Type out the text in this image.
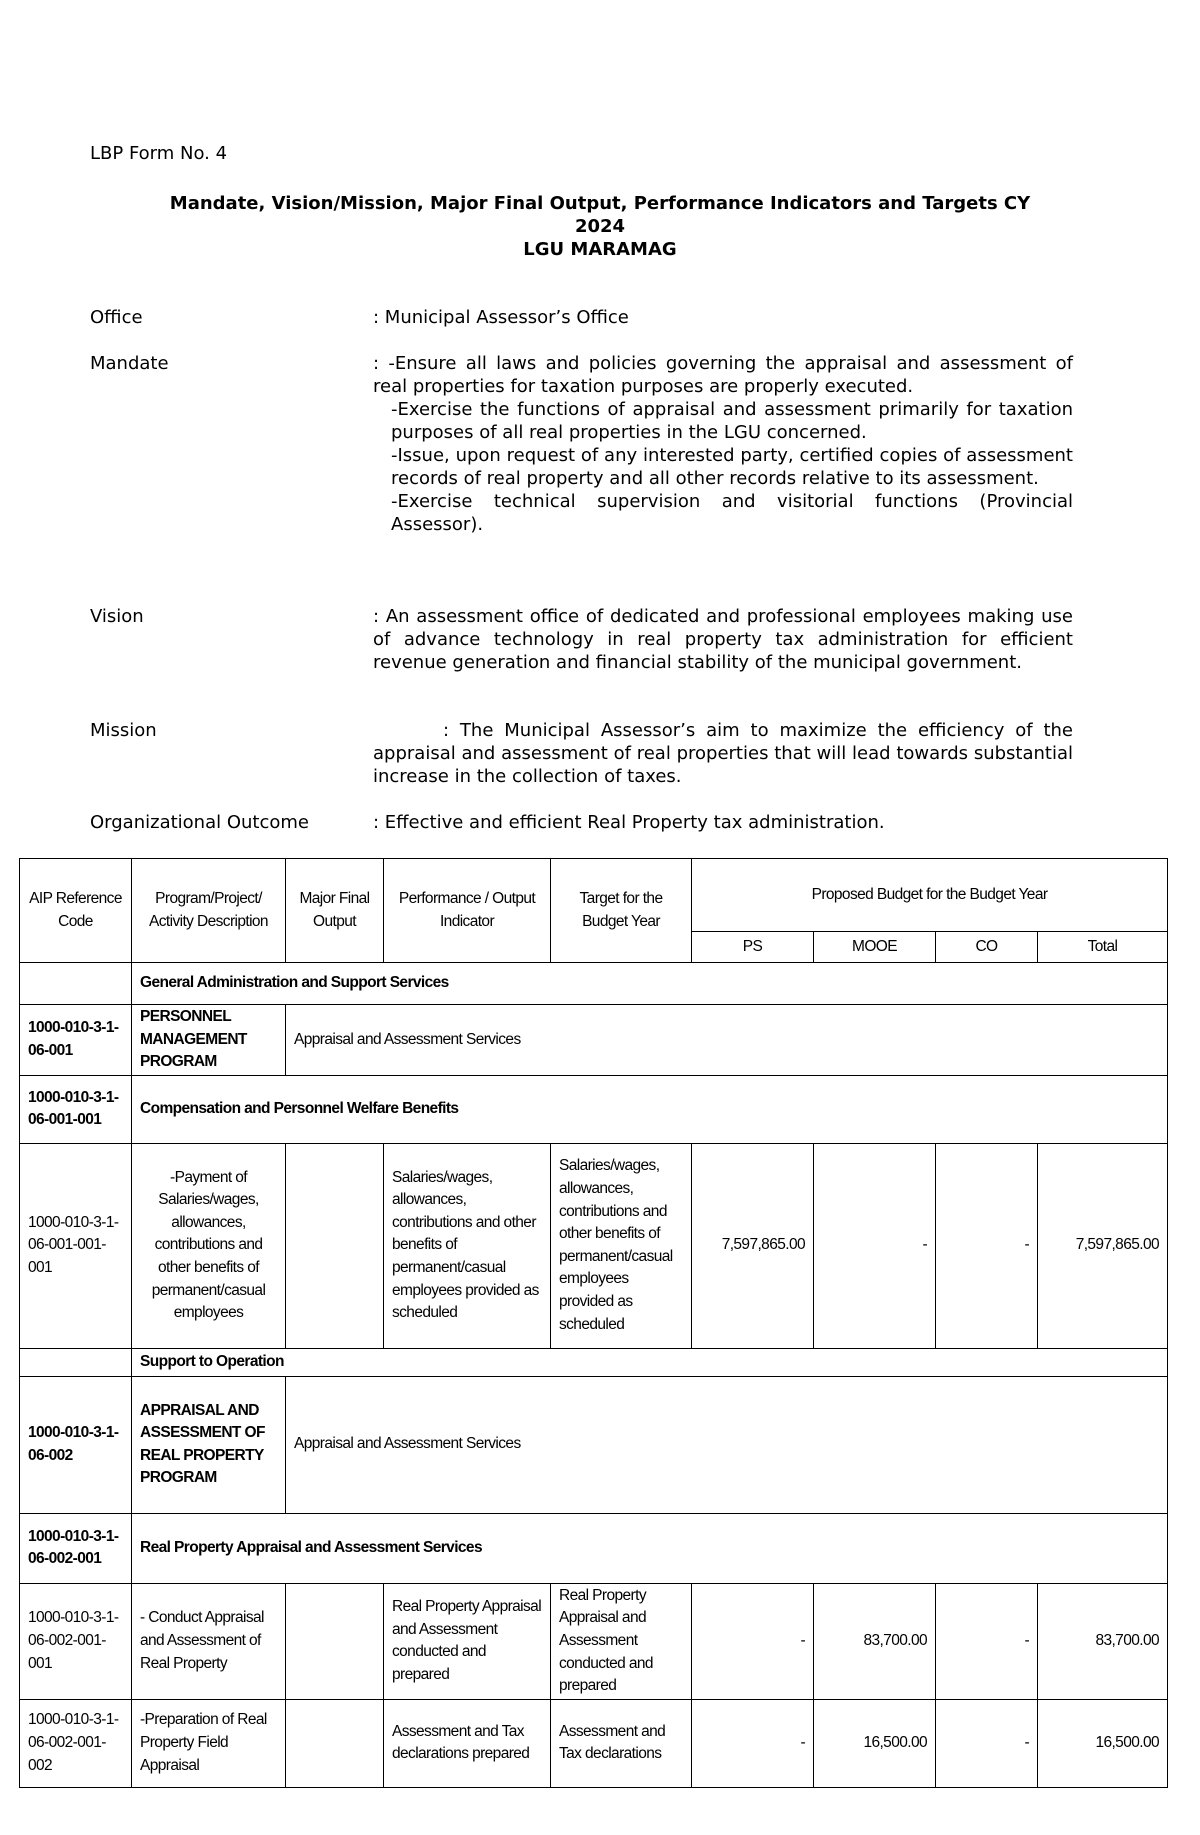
LBP Form No. 4
Mandate, Vision/Mission, Major Final Output, Performance Indicators and Targets CY
2024
LGU MARAMAG
Office	: Municipal Assessor’s Office
Mandate	: -Ensure all laws and policies governing the appraisal and assessment of real properties for taxation purposes are properly executed.

-Exercise the functions of appraisal and assessment primarily for taxation purposes of all real properties in the LGU concerned.

-Issue, upon request of any interested party, certified copies of assessment records of real property and all other records relative to its assessment.

-Exercise technical supervision and visitorial functions (Provincial Assessor).

Vision	: An assessment office of dedicated and professional employees making use of advance technology in real property tax administration for efficient revenue generation and financial stability of the municipal government.
Mission	: The Municipal Assessor’s aim to maximize the efficiency of the appraisal and assessment of real properties that will lead towards substantial increase in the collection of taxes.
Organizational Outcome	: Effective and efficient Real Property tax administration.
AIP Reference Code	Program/Project/ Activity Description	Major Final Output	Performance / Output Indicator	Target for the Budget Year	Proposed Budget for the Budget Year			
					PS	MOOE	CO	Total
	General Administration and Support Services							
1000-010-3-1-06-001	PERSONNEL MANAGEMENT PROGRAM	Appraisal and Assessment Services						
1000-010-3-1-06-001-001	Compensation and Personnel Welfare Benefits							
1000-010-3-1-06-001-001-001	-Payment of Salaries/wages, allowances, contributions and other benefits of permanent/casual employees		Salaries/wages, allowances, contributions and other benefits of permanent/casual employees provided as scheduled	Salaries/wages, allowances, contributions and other benefits of permanent/casual employees provided as scheduled	7,597,865.00	-	-	7,597,865.00
	Support to Operation							
1000-010-3-1-06-002	APPRAISAL AND ASSESSMENT OF REAL PROPERTY PROGRAM	Appraisal and Assessment Services						
1000-010-3-1-06-002-001	Real Property Appraisal and Assessment Services							
1000-010-3-1-06-002-001-001	- Conduct Appraisal and Assessment of Real Property		Real Property Appraisal and Assessment conducted and prepared	Real Property Appraisal and Assessment conducted and prepared	-	83,700.00	-	83,700.00
1000-010-3-1-06-002-001-002	-Preparation of Real Property Field Appraisal		Assessment and Tax declarations prepared	Assessment and Tax declarations	-	16,500.00	-	16,500.00
